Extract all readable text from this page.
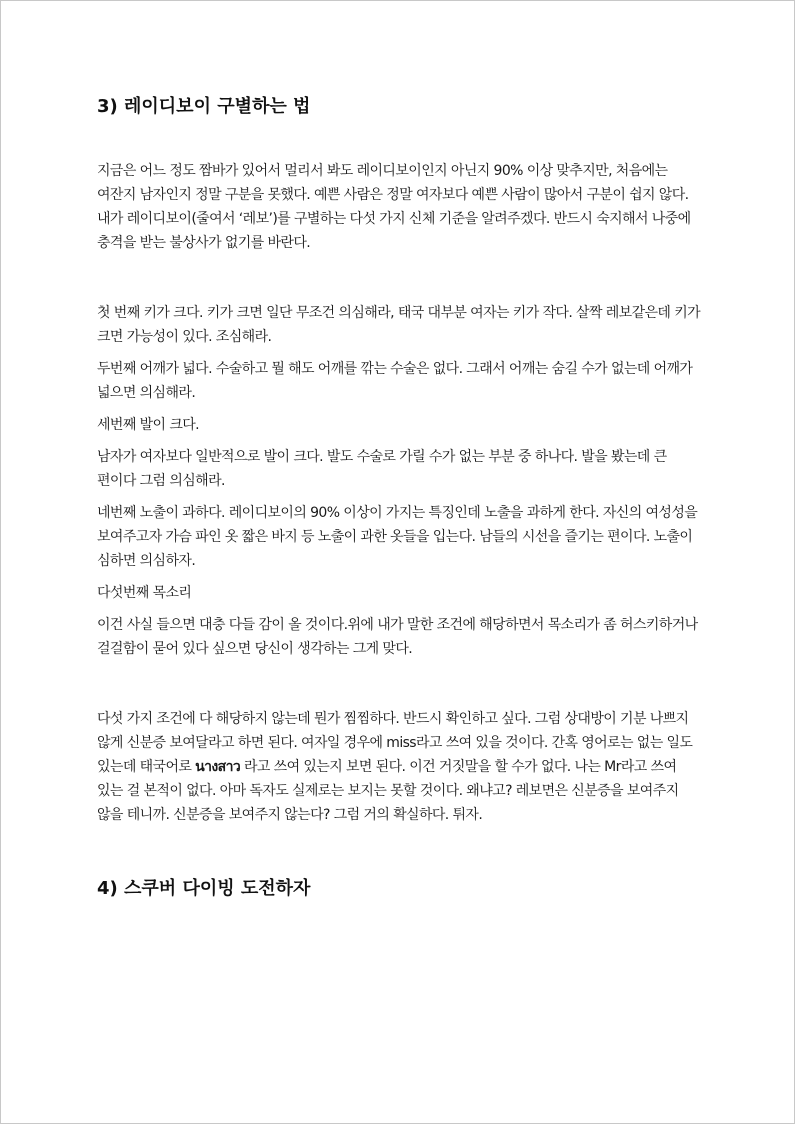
3) 레이디보이 구별하는 법

지금은 어느 정도 짬바가 있어서 멀리서 봐도 레이디보이인지 아닌지 90% 이상 맞추지만, 처음에는 여잔지 남자인지 정말 구분을 못했다. 예쁜 사람은 정말 여자보다 예쁜 사람이 많아서 구분이 쉽지 않다. 내가 레이디보이(줄여서 ‘레보’)를 구별하는 다섯 가지 신체 기준을 알려주겠다. 반드시 숙지해서 나중에 충격을 받는 불상사가 없기를 바란다.

첫 번째 키가 크다. 키가 크면 일단 무조건 의심해라, 태국 대부분 여자는 키가 작다. 살짝 레보같은데 키가 크면 가능성이 있다. 조심해라.

두번째 어깨가 넓다. 수술하고 뭘 해도 어깨를 깎는 수술은 없다. 그래서 어깨는 숨길 수가 없는데 어깨가 넓으면 의심해라.

세번째 발이 크다.

남자가 여자보다 일반적으로 발이 크다. 발도 수술로 가릴 수가 없는 부분 중 하나다. 발을 봤는데 큰 편이다 그럼 의심해라.

네번째 노출이 과하다. 레이디보이의 90% 이상이 가지는 특징인데 노출을 과하게 한다. 자신의 여성성을 보여주고자 가슴 파인 옷 짧은 바지 등 노출이 과한 옷들을 입는다. 남들의 시선을 즐기는 편이다. 노출이 심하면 의심하자.

다섯번째 목소리

이건 사실 들으면 대충 다들 감이 올 것이다.위에 내가 말한 조건에 해당하면서 목소리가 좀 허스키하거나 걸걸함이 묻어 있다 싶으면 당신이 생각하는 그게 맞다.

다섯 가지 조건에 다 해당하지 않는데 뭔가 찜찜하다. 반드시 확인하고 싶다. 그럼 상대방이 기분 나쁘지 않게 신분증 보여달라고 하면 된다. 여자일 경우에 miss라고 쓰여 있을 것이다. 간혹 영어로는 없는 일도 있는데 태국어로 นางสาว 라고 쓰여 있는지 보면 된다. 이건 거짓말을 할 수가 없다. 나는 Mr라고 쓰여 있는 걸 본적이 없다. 아마 독자도 실제로는 보지는 못할 것이다. 왜냐고? 레보면은 신분증을 보여주지 않을 테니까. 신분증을 보여주지 않는다? 그럼 거의 확실하다. 튀자.

4) 스쿠버 다이빙 도전하자
